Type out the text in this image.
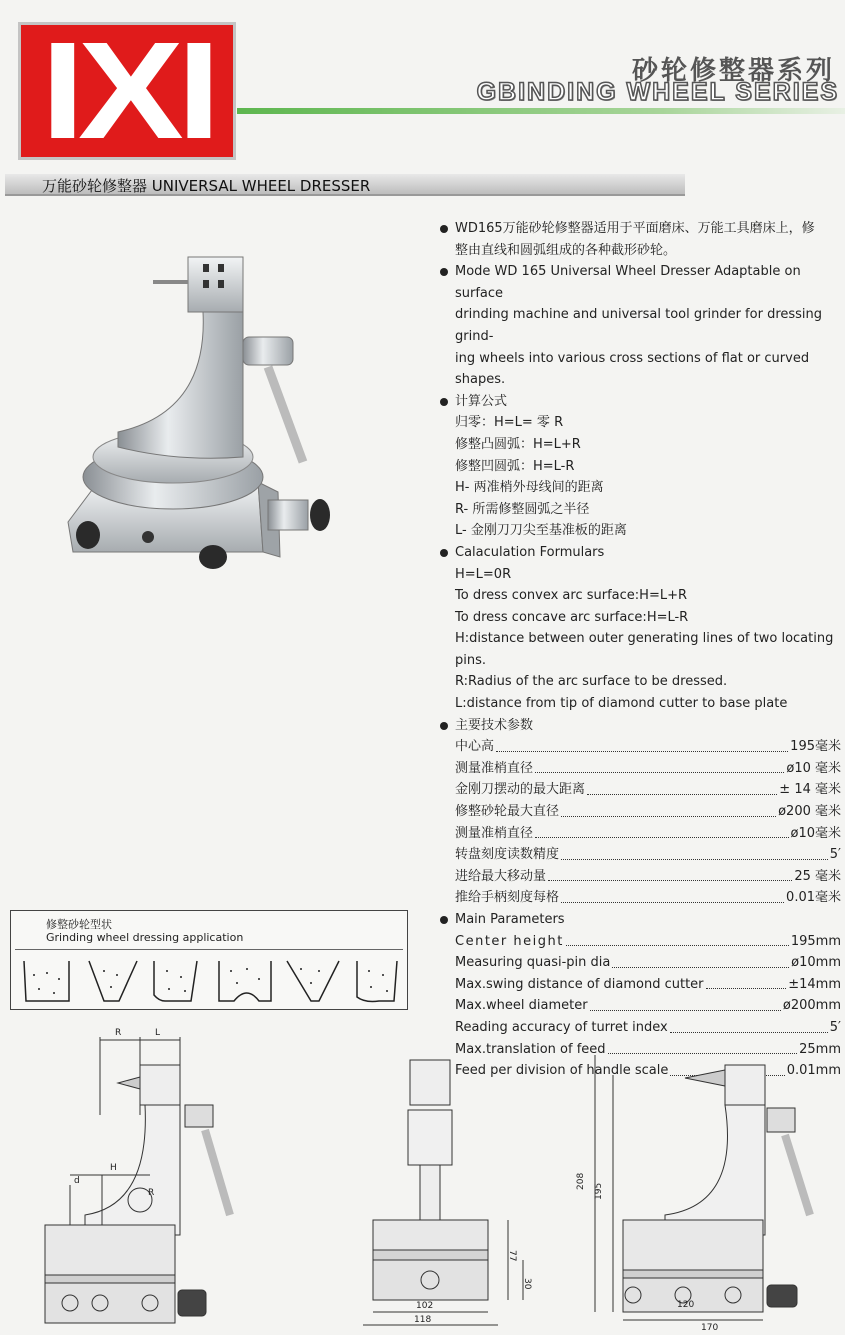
IXI	砂轮修整器系列
GBINDING WHEEL SERIES
万能砂轮修整器 UNIVERSAL WHEEL DRESSER
WD165万能砂轮修整器适用于平面磨床、万能工具磨床上，修
整由直线和圆弧组成的各种截形砂轮。
Mode WD 165 Universal Wheel Dresser Adaptable on surface
drinding machine and universal tool grinder for dressing grind-
ing wheels into various cross sections of flat or curved shapes.
计算公式
归零：H=L= 零 R
修整凸圆弧：H=L+R
修整凹圆弧：H=L-R
H- 两准梢外母线间的距离
R- 所需修整圆弧之半径
L- 金刚刀刀尖至基准板的距离
Calaculation Formulars
H=L=0R
To dress convex arc surface:H=L+R
To dress concave arc surface:H=L-R
H:distance between outer generating lines of two locating
pins.
R:Radius of the arc surface to be dressed.
L:distance from tip of diamond cutter to base plate
主要技术参数
中心高	195毫米
测量准梢直径	ø10 毫米
金刚刀摆动的最大距离	± 14 毫米
修整砂轮最大直径	ø200 毫米
测量准梢直径	ø10毫米
转盘刻度读数精度	5′
进给最大移动量	25 毫米
推给手柄刻度每格	0.01毫米
Main Parameters
Center height	195mm
Measuring quasi-pin dia	ø10mm
Max.swing distance of diamond cutter	±14mm
Max.wheel diameter	ø200mm
Reading accuracy of turret index	5′
Max.translation of feed	25mm
Feed per division of handle scale	0.01mm
修整砂轮型状
Grinding wheel dressing application
R	L
H
d
R
102
118
77
30
208
195
120
170
